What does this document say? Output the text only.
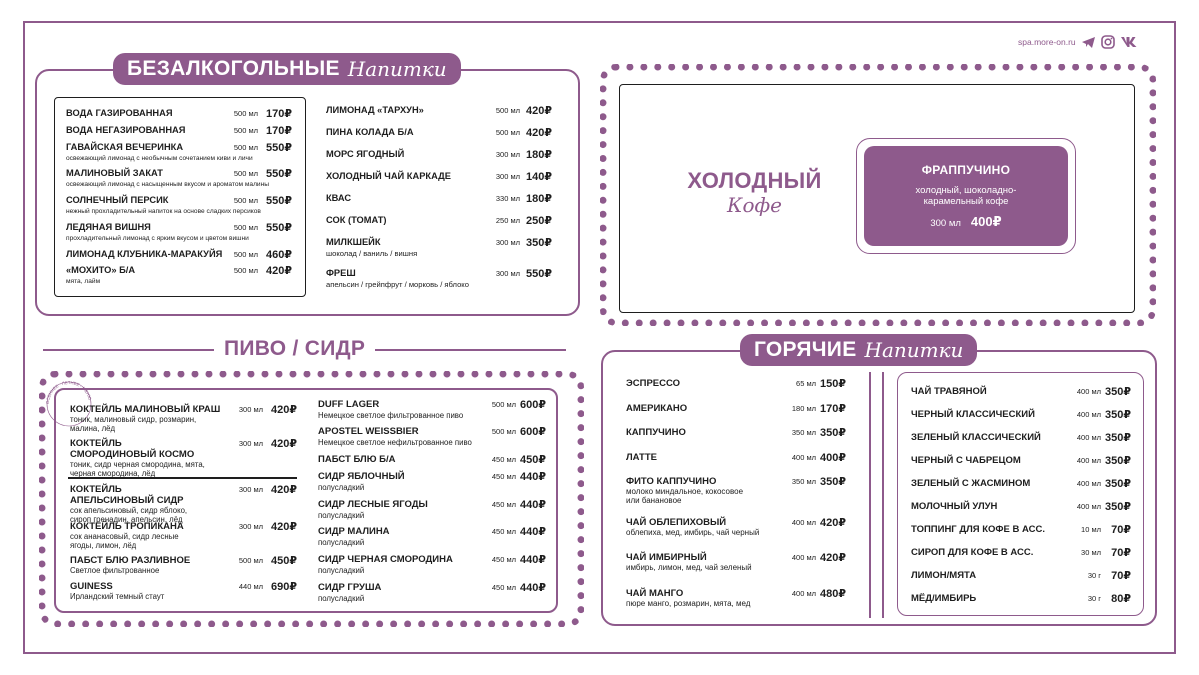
spa.more-on.ru
БЕЗАЛКОГОЛЬНЫЕ Напитки
ВОДА ГАЗИРОВАННАЯ	500 мл 170₽
ВОДА НЕГАЗИРОВАННАЯ	500 мл 170₽
ГАВАЙСКАЯ ВЕЧЕРИНКА	500 мл 550₽
освежающий лимонад с необычным сочетанием киви и личи
МАЛИНОВЫЙ ЗАКАТ	500 мл 550₽
освежающий лимонад с насыщенным вкусом и ароматом малины
СОЛНЕЧНЫЙ ПЕРСИК	500 мл 550₽
нежный прохладительный напиток на основе сладких персиков
ЛЕДЯНАЯ ВИШНЯ	500 мл 550₽
прохладительный лимонад с ярким вкусом и цветом вишни
ЛИМОНАД КЛУБНИКА-МАРАКУЙЯ 500 мл 460₽
«МОХИТО» Б/А	500 мл 420₽
мята, лайм
ЛИМОНАД «ТАРХУН»	500 мл 420₽
ПИНА КОЛАДА Б/А	500 мл 420₽
МОРС ЯГОДНЫЙ	300 мл 180₽
ХОЛОДНЫЙ ЧАЙ КАРКАДЕ	300 мл 140₽
КВАС	330 мл 180₽
СОК (ТОМАТ)	250 мл 250₽
МИЛКШЕЙК	300 мл 350₽
шоколад / ваниль / вишня
ФРЕШ	300 мл 550₽
апельсин / грейпфрут / морковь / яблоко
ХОЛОДНЫЙ
Кофе
ФРАППУЧИНО
холодный, шоколадно-
карамельный кофе
300 мл 400₽
ПИВО / СИДР
ОСЕННЕЕ · ЛЕТНЕЕ · МЕНЮ
КОКТЕЙЛЬ МАЛИНОВЫЙ КРАШ 300 мл 420₽
тоник, малиновый сидр, розмарин,
малина, лёд
КОКТЕЙЛЬ
СМОРОДИНОВЫЙ КОСМО
300 мл 420₽
тоник, сидр черная смородина, мята,
черная смородина, лёд
КОКТЕЙЛЬ
АПЕЛЬСИНОВЫЙ СИДР
300 мл 420₽
сок апельсиновый, сидр яблоко,
сироп гренадин, апельсин, лёд
КОКТЕЙЛЬ ТРОПИКАНА	300 мл 420₽
сок ананасовый, сидр лесные
ягоды, лимон, лёд
ПАБСТ БЛЮ РАЗЛИВНОЕ	500 мл 450₽
Светлое фильтрованное
GUINESS	440 мл 690₽
Ирландский темный стаут
DUFF LAGER	500 мл 600₽
Немецкое светлое фильтрованное пиво
APOSTEL WEISSBIER	500 мл 600₽
Немецкое светлое нефильтрованное пиво
ПАБСТ БЛЮ Б/А	450 мл 450₽
СИДР ЯБЛОЧНЫЙ	450 мл 440₽
полусладкий
СИДР ЛЕСНЫЕ ЯГОДЫ	450 мл 440₽
полусладкий
СИДР МАЛИНА	450 мл 440₽
полусладкий
СИДР ЧЕРНАЯ СМОРОДИНА	450 мл 440₽
полусладкий
СИДР ГРУША	450 мл 440₽
полусладкий
ГОРЯЧИЕ Напитки
ЭСПРЕССО	65 мл 150₽
АМЕРИКАНО	180 мл 170₽
КАППУЧИНО	350 мл 350₽
ЛАТТЕ	400 мл 400₽
ФИТО КАППУЧИНО	350 мл 350₽
молоко миндальное, кокосовое
или банановое
ЧАЙ ОБЛЕПИХОВЫЙ	400 мл 420₽
облепиха, мед, имбирь, чай черный
ЧАЙ ИМБИРНЫЙ	400 мл 420₽
имбирь, лимон, мед, чай зеленый
ЧАЙ МАНГО	400 мл 480₽
пюре манго, розмарин, мята, мед
ЧАЙ ТРАВЯНОЙ	400 мл 350₽
ЧЕРНЫЙ КЛАССИЧЕСКИЙ	400 мл 350₽
ЗЕЛЕНЫЙ КЛАССИЧЕСКИЙ	400 мл 350₽
ЧЕРНЫЙ С ЧАБРЕЦОМ	400 мл 350₽
ЗЕЛЕНЫЙ С ЖАСМИНОМ	400 мл 350₽
МОЛОЧНЫЙ УЛУН	400 мл 350₽
ТОППИНГ ДЛЯ КОФЕ В АСС.	10 мл 70₽
СИРОП ДЛЯ КОФЕ В АСС.	30 мл 70₽
ЛИМОН/МЯТА	30 г 70₽
МЁД/ИМБИРЬ	30 г 80₽
